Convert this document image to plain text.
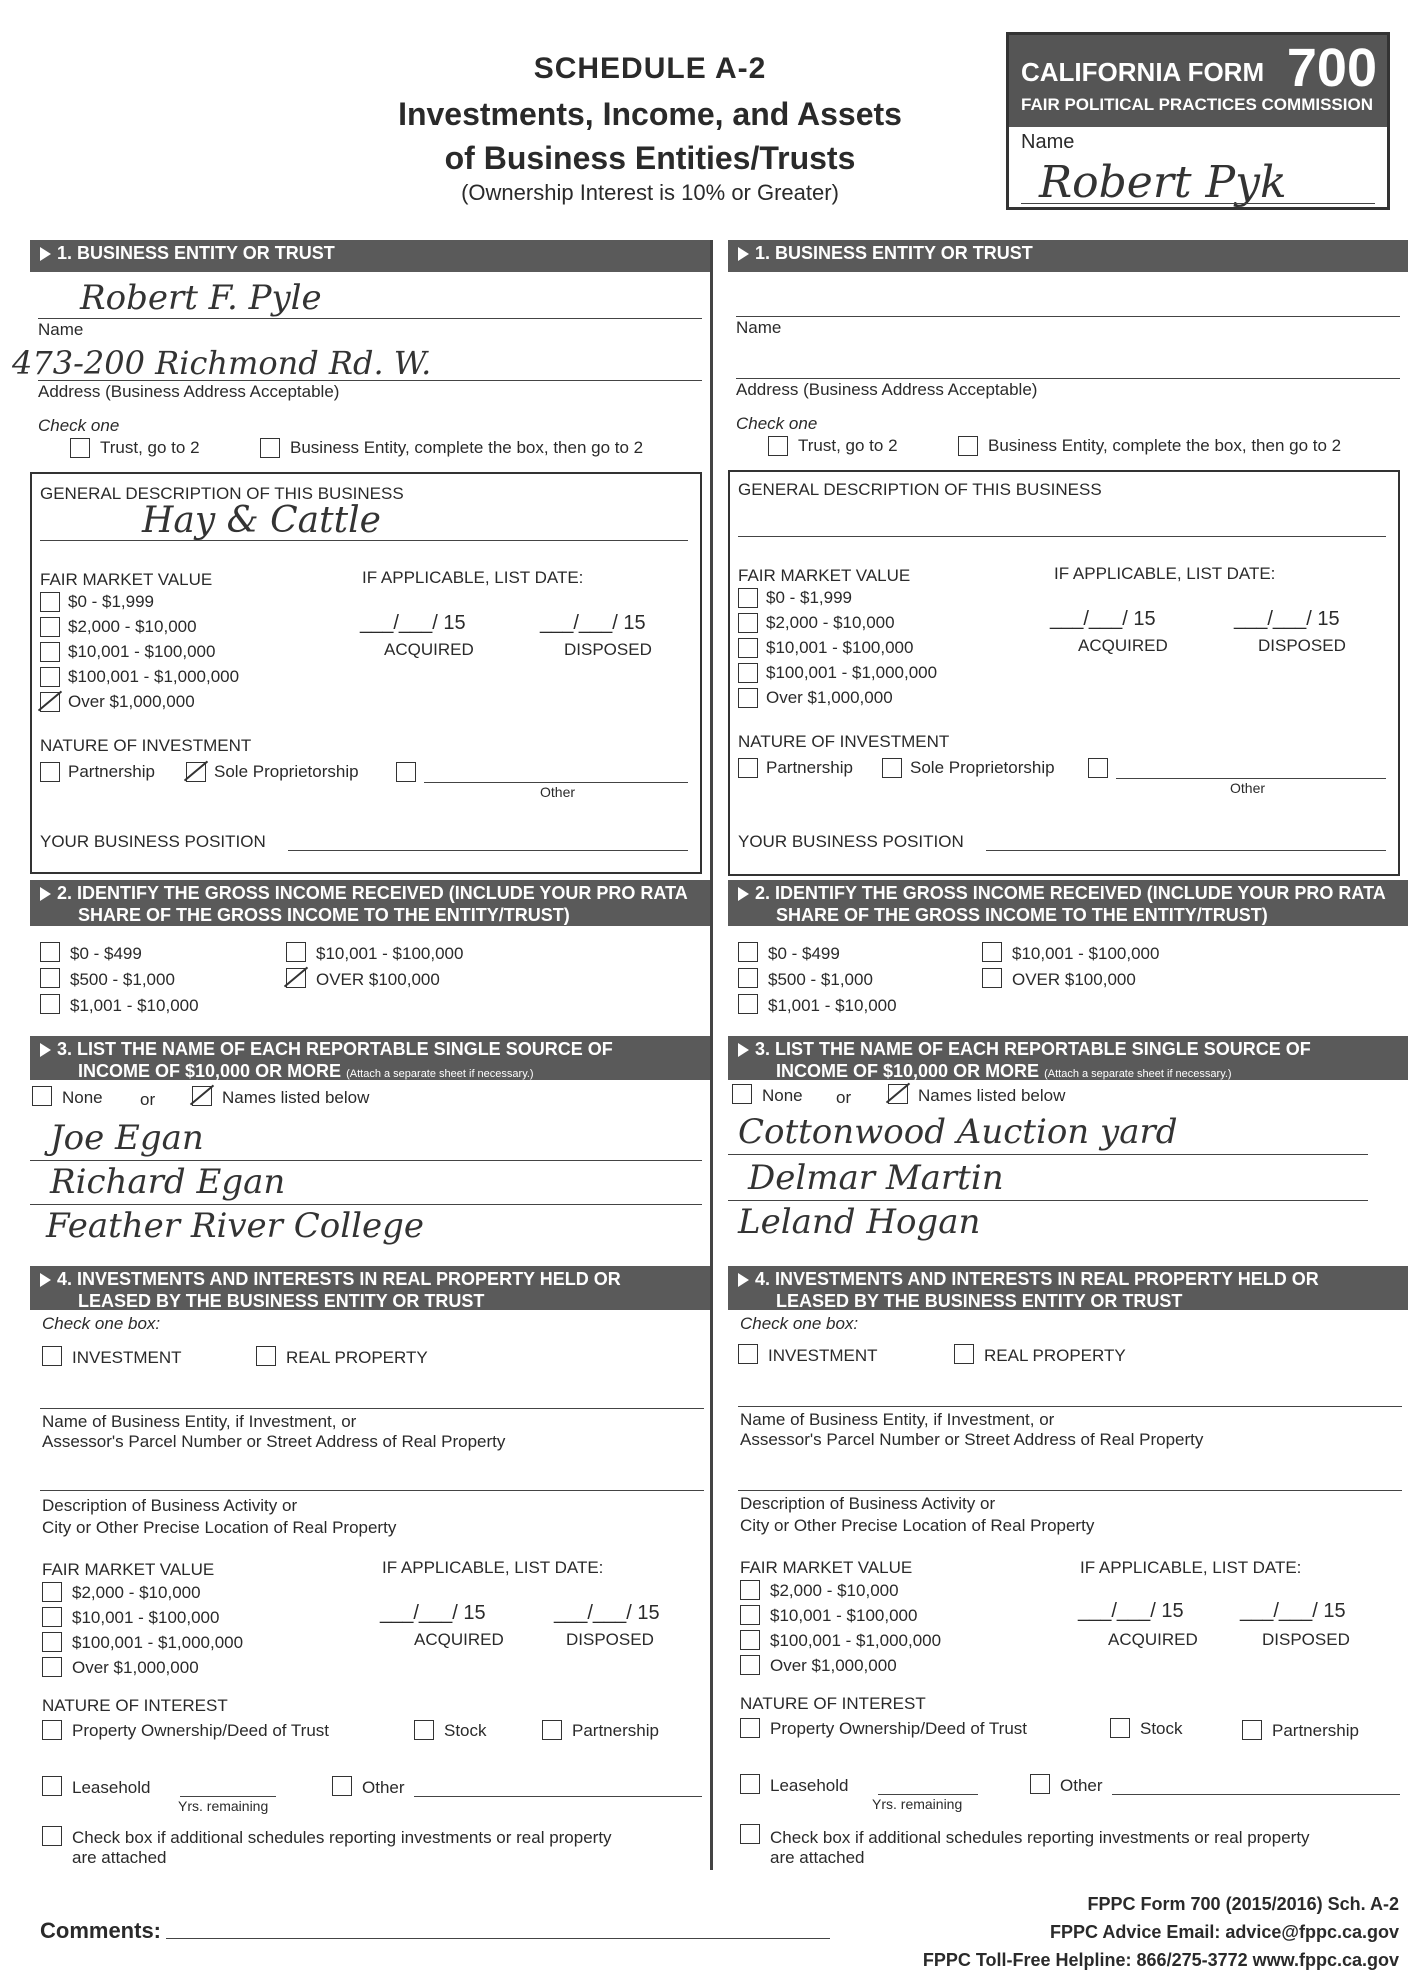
SCHEDULE A-2
Investments, Income, and Assets
of Business Entities/Trusts
(Ownership Interest is 10% or Greater)
CALIFORNIA FORM 700
FAIR POLITICAL PRACTICES COMMISSION
Name
Robert Pyk
1. BUSINESS ENTITY OR TRUST
Robert F. Pyle
Name
473-200 Richmond Rd. W.
Address (Business Address Acceptable)
Check one
Trust, go to 2	Business Entity, complete the box, then go to 2
GENERAL DESCRIPTION OF THIS BUSINESS
Hay & Cattle
FAIR MARKET VALUE	IF APPLICABLE, LIST DATE:
$0 - $1,999
$2,000 - $10,000
$10,001 - $100,000
$100,001 - $1,000,000
Over $1,000,000
___/___/ 15
ACQUIRED
___/___/ 15
DISPOSED
NATURE OF INVESTMENT
Partnership	Sole Proprietorship
Other
YOUR BUSINESS POSITION
2. IDENTIFY THE GROSS INCOME RECEIVED (INCLUDE YOUR PRO RATA
SHARE OF THE GROSS INCOME TO THE ENTITY/TRUST)
$0 - $499
$500 - $1,000
$1,001 - $10,000
$10,001 - $100,000
OVER $100,000
3. LIST THE NAME OF EACH REPORTABLE SINGLE SOURCE OF
INCOME OF $10,000 OR MORE (Attach a separate sheet if necessary.)
None or	Names listed below
Joe Egan
Richard Egan
Feather River College
4. INVESTMENTS AND INTERESTS IN REAL PROPERTY HELD OR
LEASED BY THE BUSINESS ENTITY OR TRUST
Check one box:
INVESTMENT	REAL PROPERTY
Name of Business Entity, if Investment, or
Assessor's Parcel Number or Street Address of Real Property
Description of Business Activity or
City or Other Precise Location of Real Property
FAIR MARKET VALUE	IF APPLICABLE, LIST DATE:
$2,000 - $10,000
$10,001 - $100,000
$100,001 - $1,000,000
Over $1,000,000
___/___/ 15
ACQUIRED
___/___/ 15
DISPOSED
NATURE OF INTEREST
Property Ownership/Deed of Trust	Stock	Partnership
Leasehold
Yrs. remaining
Other
Check box if additional schedules reporting investments or real property
are attached
1. BUSINESS ENTITY OR TRUST
Name
Address (Business Address Acceptable)
Check one
Trust, go to 2	Business Entity, complete the box, then go to 2
GENERAL DESCRIPTION OF THIS BUSINESS
FAIR MARKET VALUE	IF APPLICABLE, LIST DATE:
$0 - $1,999
$2,000 - $10,000
$10,001 - $100,000
$100,001 - $1,000,000
Over $1,000,000
___/___/ 15
ACQUIRED
___/___/ 15
DISPOSED
NATURE OF INVESTMENT
Partnership	Sole Proprietorship
Other
YOUR BUSINESS POSITION
2. IDENTIFY THE GROSS INCOME RECEIVED (INCLUDE YOUR PRO RATA
SHARE OF THE GROSS INCOME TO THE ENTITY/TRUST)
$0 - $499
$500 - $1,000
$1,001 - $10,000
$10,001 - $100,000
OVER $100,000
3. LIST THE NAME OF EACH REPORTABLE SINGLE SOURCE OF
INCOME OF $10,000 OR MORE (Attach a separate sheet if necessary.)
None or	Names listed below
Cottonwood Auction yard
Delmar Martin
Leland Hogan
4. INVESTMENTS AND INTERESTS IN REAL PROPERTY HELD OR
LEASED BY THE BUSINESS ENTITY OR TRUST
Check one box:
INVESTMENT	REAL PROPERTY
Name of Business Entity, if Investment, or
Assessor's Parcel Number or Street Address of Real Property
Description of Business Activity or
City or Other Precise Location of Real Property
FAIR MARKET VALUE	IF APPLICABLE, LIST DATE:
$2,000 - $10,000
$10,001 - $100,000
$100,001 - $1,000,000
Over $1,000,000
___/___/ 15
ACQUIRED
___/___/ 15
DISPOSED
NATURE OF INTEREST
Property Ownership/Deed of Trust	Stock	Partnership
Leasehold
Yrs. remaining
Other
Check box if additional schedules reporting investments or real property
are attached
Comments:
FPPC Form 700 (2015/2016) Sch. A-2
FPPC Advice Email: advice@fppc.ca.gov
FPPC Toll-Free Helpline: 866/275-3772 www.fppc.ca.gov
